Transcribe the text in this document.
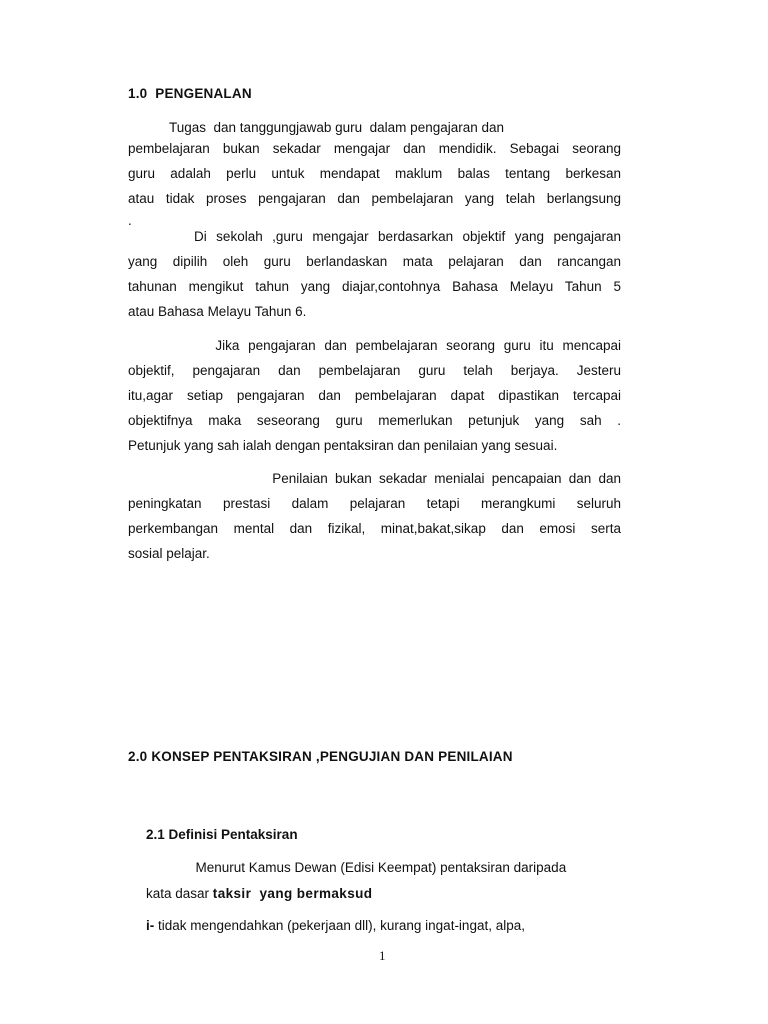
1.0  PENGENALAN
Tugas  dan tanggungjawab guru  dalam pengajaran dan
pembelajaran bukan sekadar mengajar dan mendidik. Sebagai seorang
guru adalah perlu untuk mendapat maklum balas tentang berkesan
atau tidak proses pengajaran dan pembelajaran yang telah berlangsung
.
Di sekolah ,guru mengajar berdasarkan objektif yang pengajaran
yang dipilih oleh guru berlandaskan mata pelajaran dan rancangan
tahunan mengikut tahun yang diajar,contohnya Bahasa Melayu Tahun 5
atau Bahasa Melayu Tahun 6.
Jika pengajaran dan pembelajaran seorang guru itu mencapai
objektif, pengajaran dan pembelajaran guru telah berjaya. Jesteru
itu,agar setiap pengajaran dan pembelajaran dapat dipastikan tercapai
objektifnya maka seseorang guru memerlukan petunjuk yang sah .
Petunjuk yang sah ialah dengan pentaksiran dan penilaian yang sesuai.
Penilaian bukan sekadar menialai pencapaian dan dan
peningkatan prestasi dalam pelajaran tetapi merangkumi seluruh
perkembangan mental dan fizikal, minat,bakat,sikap dan emosi serta
sosial pelajar.
2.0 KONSEP PENTAKSIRAN ,PENGUJIAN DAN PENILAIAN
2.1 Definisi Pentaksiran
Menurut Kamus Dewan (Edisi Keempat) pentaksiran daripada
kata dasar taksir  yang bermaksud
i- tidak mengendahkan (pekerjaan dll), kurang ingat-ingat, alpa,
1
